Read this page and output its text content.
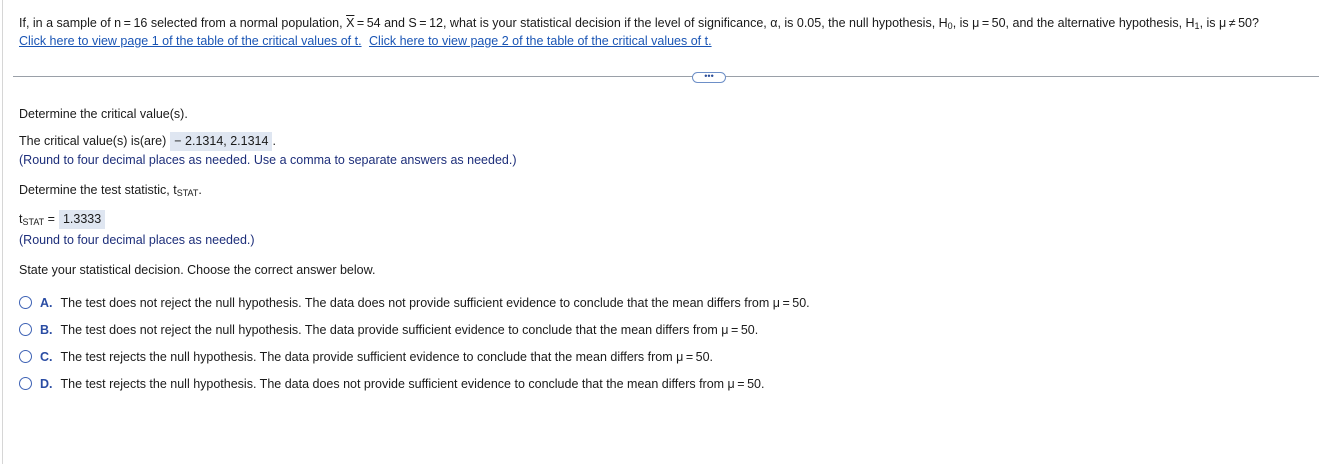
If, in a sample of n = 16 selected from a normal population, $\overline{X} = 54$ and S = 12, what is your statistical decision if the level of significance, α, is 0.05, the null hypothesis, $H_0$, is μ = 50, and the alternative hypothesis, $H_1$, is μ ≠ 50?
Click here to view page 1 of the table of the critical values of t. Click here to view page 2 of the table of the critical values of t.
•••
Determine the critical value(s).
The critical value(s) is(are) − 2.1314, 2.1314 .
(Round to four decimal places as needed. Use a comma to separate answers as needed.)
Determine the test statistic, $t_{STAT}$.
$t_{STAT} = 1.3333$
(Round to four decimal places as needed.)
State your statistical decision. Choose the correct answer below.
A. The test does not reject the null hypothesis. The data does not provide sufficient evidence to conclude that the mean differs from μ = 50.
B. The test does not reject the null hypothesis. The data provide sufficient evidence to conclude that the mean differs from μ = 50.
C. The test rejects the null hypothesis. The data provide sufficient evidence to conclude that the mean differs from μ = 50.
D. The test rejects the null hypothesis. The data does not provide sufficient evidence to conclude that the mean differs from μ = 50.
